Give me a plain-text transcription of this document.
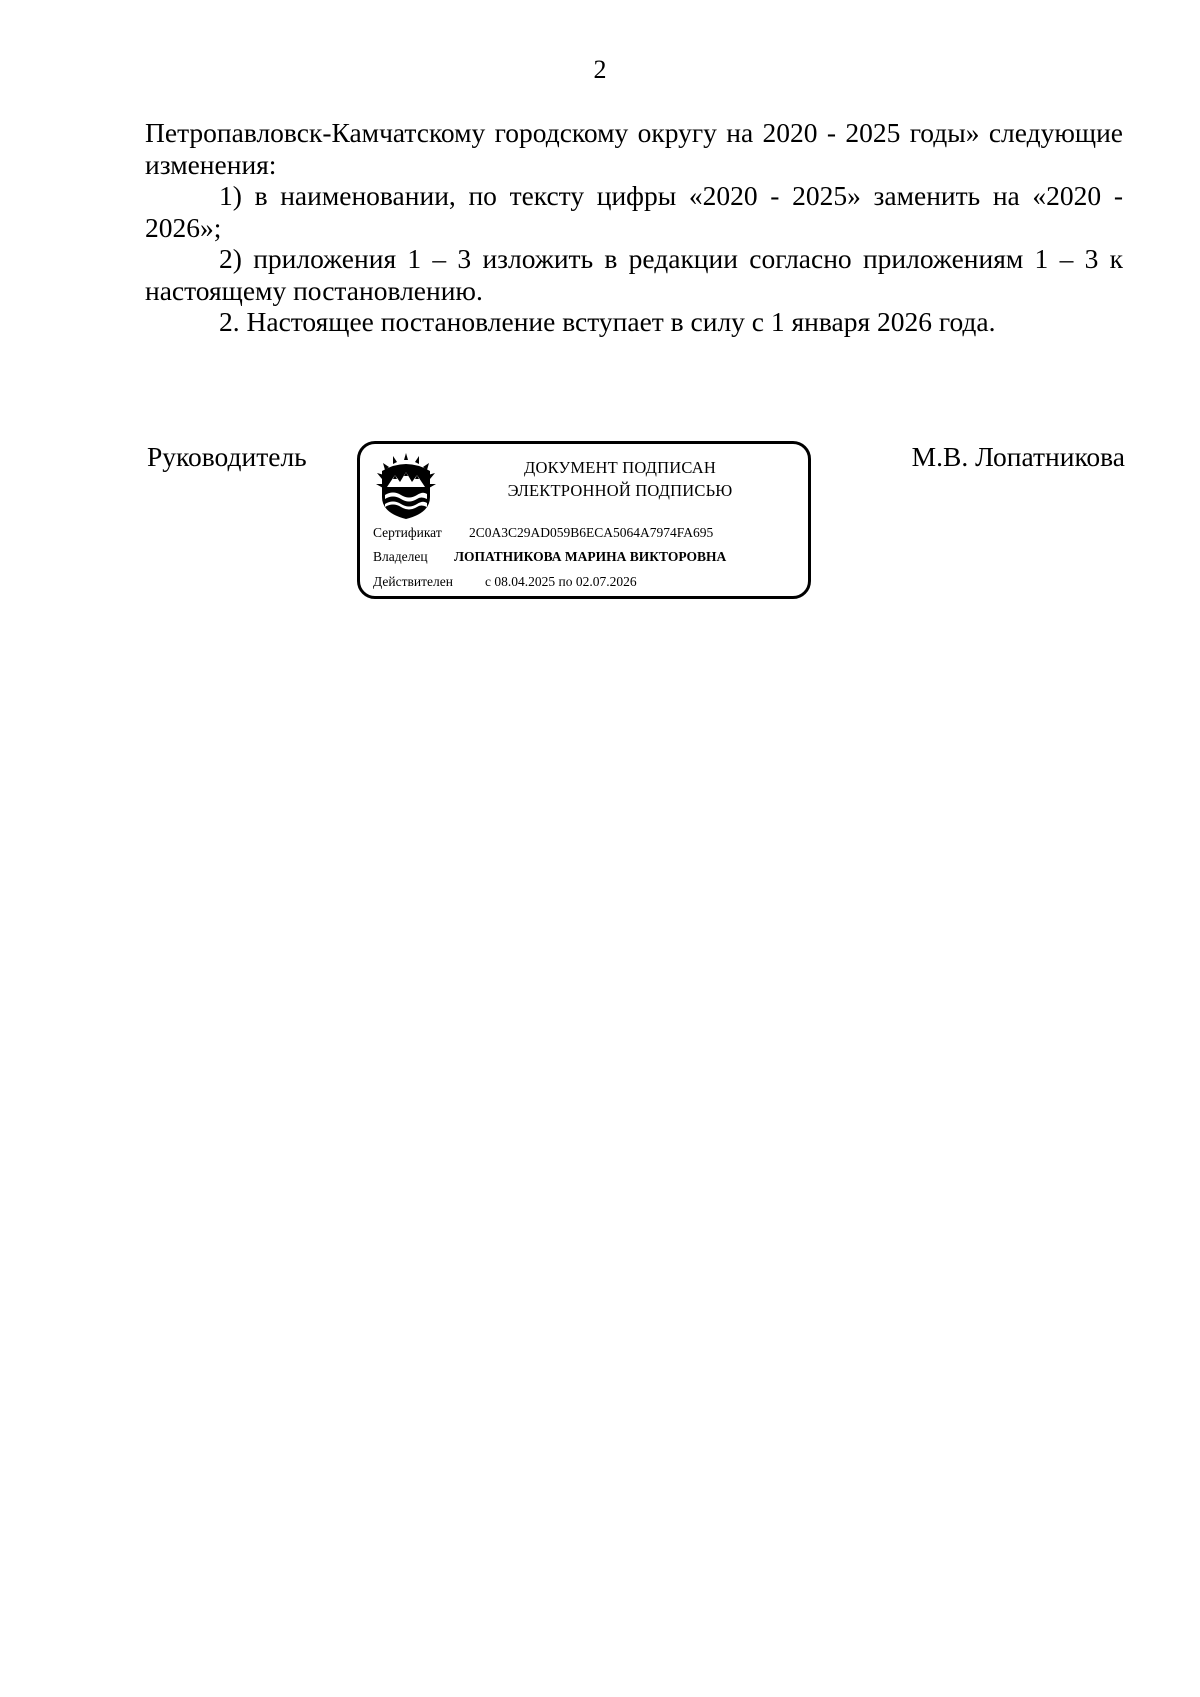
2

Петропавловск-Камчатскому городскому округу на 2020 - 2025 годы» следующие изменения:

1) в наименовании, по тексту цифры «2020 - 2025» заменить на «2020 - 2026»;

2) приложения 1 – 3 изложить в редакции согласно приложениям 1 – 3 к настоящему постановлению.

2. Настоящее постановление вступает в силу с 1 января 2026 года.

Руководитель	ДОКУМЕНТ ПОДПИСАН
ЭЛЕКТРОННОЙ ПОДПИСЬЮ
Сертификат 2C0A3C29AD059B6ECA5064A7974FA695
Владелец ЛОПАТНИКОВА МАРИНА ВИКТОРОВНА
Действителен с 08.04.2025 по 02.07.2026
М.В. Лопатникова
